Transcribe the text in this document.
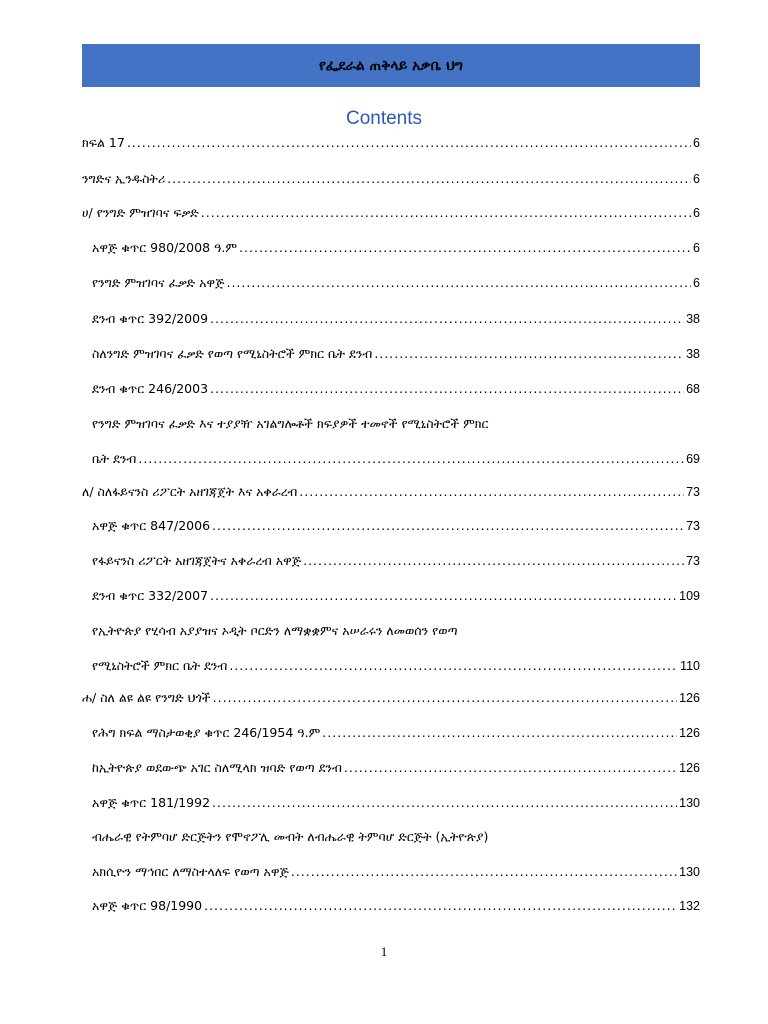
የፌደራል ጠቅላይ አቃቤ ህግ
Contents
ክፍል 17 .....	6
ንግድና ኢንዱስትሪ .....	6
ሀ/ የንግድ ምዝገባና ፍቃድ .....	6
አዋጅ ቁጥር 980/2008 ዓ.ም .....	6
የንግድ ምዝገባና ፈቃድ አዋጅ .....	6
ደንብ ቁጥር 392/2009 .....	38
ስለንግድ ምዝገባና ፈቃድ የወጣ የሚኒስትሮች ምክር ቤት ደንብ .....	38
ደንብ ቁጥር 246/2003 .....	68
የንግድ ምዝገባና ፈቃድ እና ተያያዥ አገልግሎቶች ክፍያዎች ተመኖች የሚኒስትሮች ምክር
ቤት ደንብ .....	69
ለ/ ስለፋይናንስ ሪፖርት አዘገጃጀት እና አቀራረብ .....	73
አዋጅ ቁጥር 847/2006 .....	73
የፋይናንስ ሪፖርት አዘገጃጀትና አቀራረብ አዋጅ .....	73
ደንብ ቁጥር 332/2007 .....	109
የኢትዮጵያ የሂሳብ አያያዝና ኦዲት ቦርድን ለማቋቋምና አሠራሩን ለመወሰን የወጣ
የሚኒስትሮች ምክር ቤት ደንብ .....	110
ሐ/ ስለ ልዩ ልዩ የንግድ ህጎች .....	126
የሕግ ክፍል ማስታወቂያ ቁጥር 246/1954 ዓ.ም .....	126
ከኢትዮጵያ ወደውጭ አገር ስለሚላክ ዝባድ የወጣ ደንብ .....	126
አዋጅ ቁጥር 181/1992 .....	130
ብሔራዊ የትምባሆ ድርጅትን የሞኖፖሊ መብት ለብሔራዊ ትምባሆ ድርጅት (ኢትዮጵያ)
አክሲዮን ማኅበር ለማስተላለፍ የወጣ አዋጅ .....	130
አዋጅ ቁጥር 98/1990 .....	132
1
